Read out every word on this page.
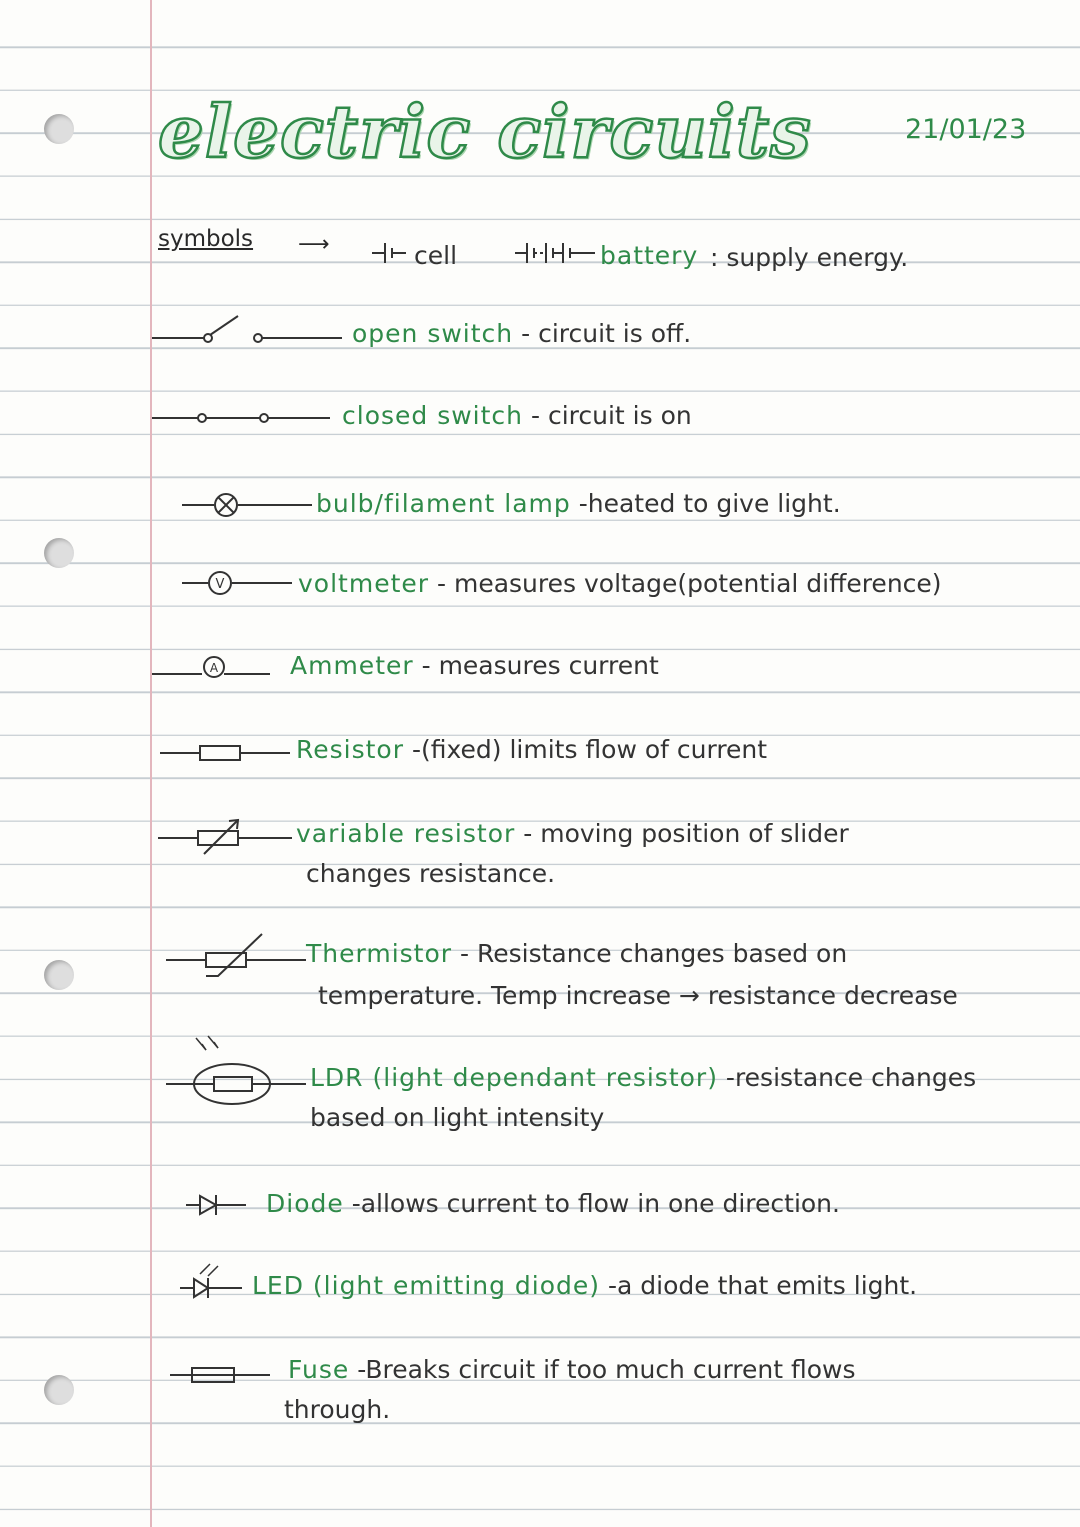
electric circuits	21/01/23
symbols ⟶	cell	battery : supply energy.
open switch - circuit is off.
closed switch - circuit is on
bulb/filament lamp -heated to give light.
V	voltmeter - measures voltage(potential difference)
A	Ammeter - measures current
Resistor -(fixed) limits flow of current
variable resistor - moving position of slider
changes resistance.
Thermistor - Resistance changes based on
temperature. Temp increase → resistance decrease
LDR (light dependant resistor) -resistance changes
based on light intensity
Diode -allows current to flow in one direction.
LED (light emitting diode) -a diode that emits light.
Fuse -Breaks circuit if too much current flows
through.
